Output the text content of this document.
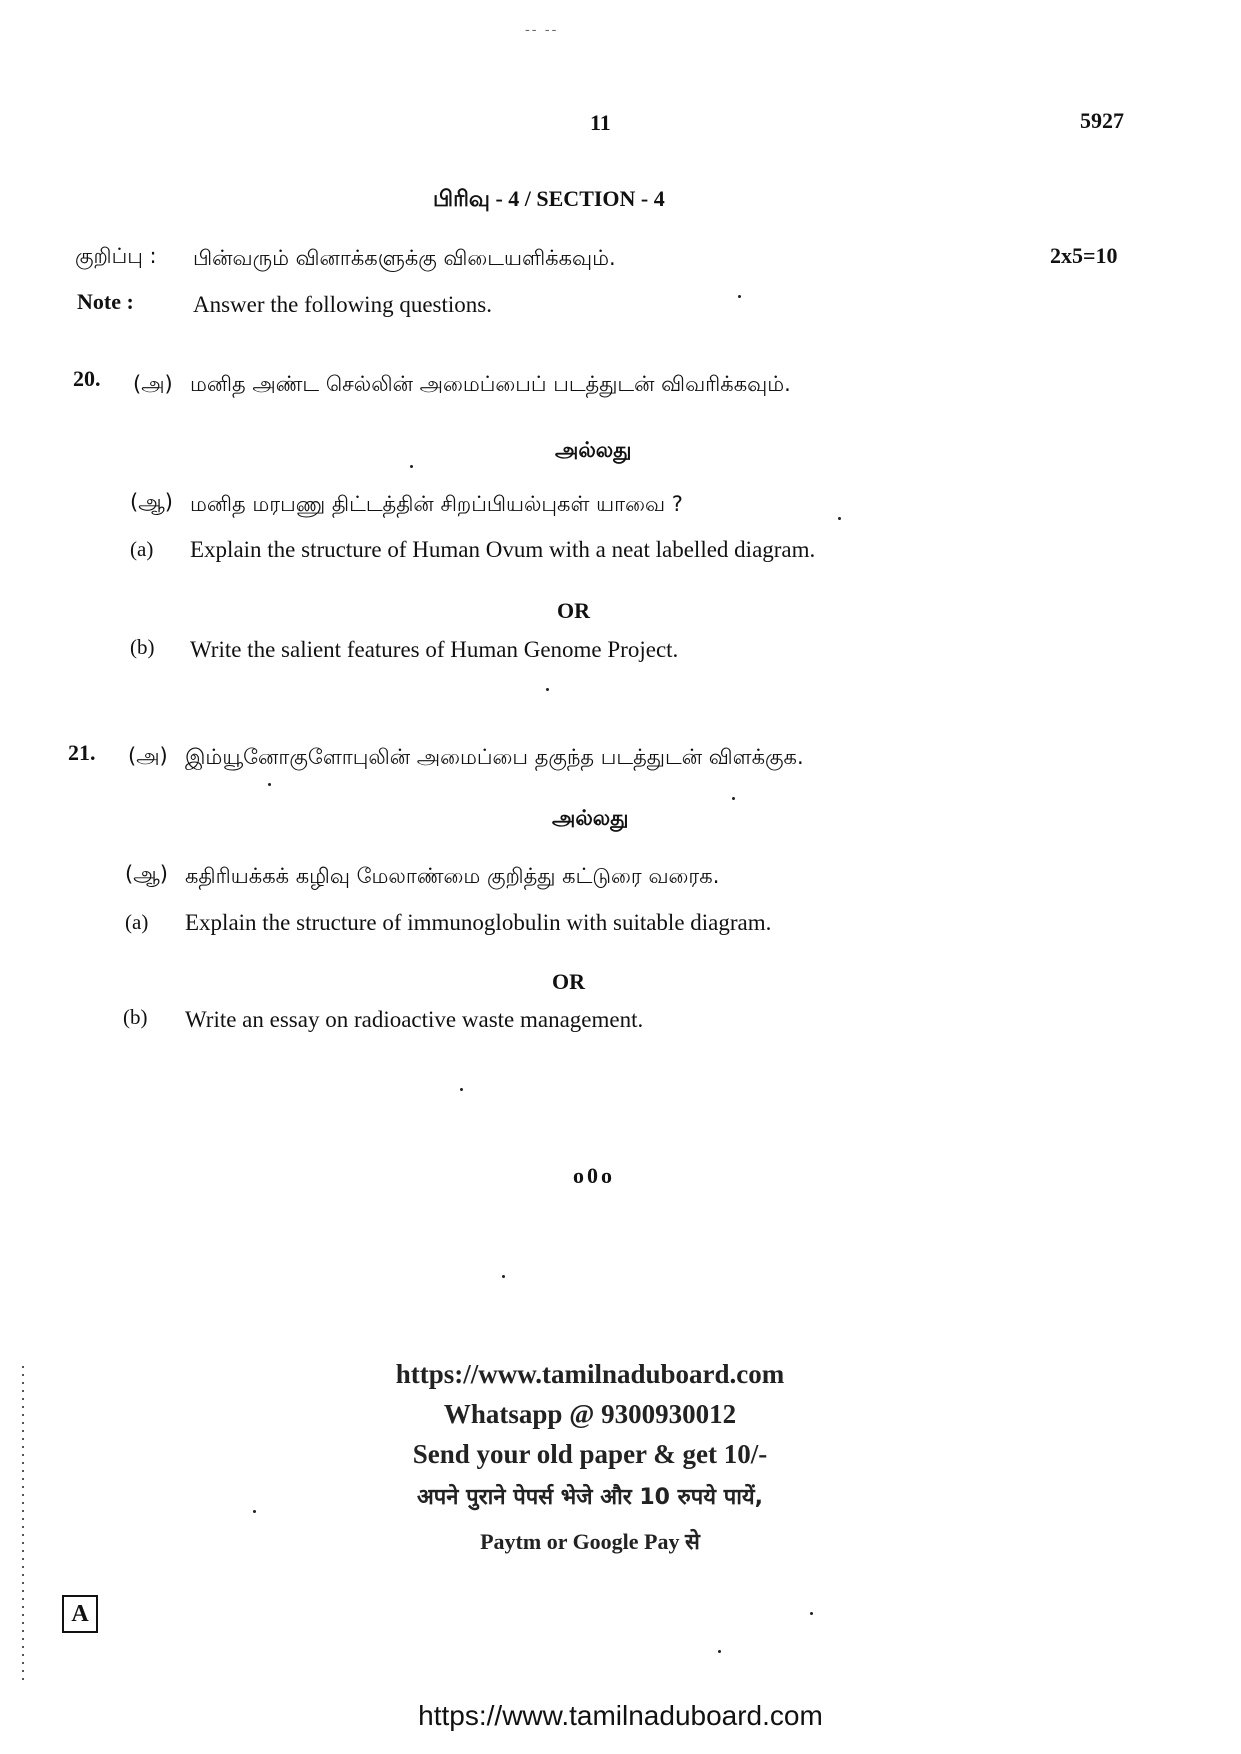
-- --
11	5927
பிரிவு - 4 / SECTION - 4
குறிப்பு : பின்வரும் வினாக்களுக்கு விடையளிக்கவும்.	2x5=10
Note :	Answer the following questions.
20. (அ) மனித அண்ட செல்லின் அமைப்பைப் படத்துடன் விவரிக்கவும்.
அல்லது
(ஆ) மனித மரபணு திட்டத்தின் சிறப்பியல்புகள் யாவை ?
(a) Explain the structure of Human Ovum with a neat labelled diagram.
OR
(b) Write the salient features of Human Genome Project.
21. (அ) இம்யூனோகுளோபுலின் அமைப்பை தகுந்த படத்துடன் விளக்குக.
அல்லது
(ஆ) கதிரியக்கக் கழிவு மேலாண்மை குறித்து கட்டுரை வரைக.
(a) Explain the structure of immunoglobulin with suitable diagram.
OR
(b) Write an essay on radioactive waste management.
o0o
https://www.tamilnaduboard.com
Whatsapp @ 9300930012
Send your old paper & get 10/-
अपने पुराने पेपर्स भेजे और 10 रुपये पायें,
Paytm or Google Pay से
A
https://www.tamilnaduboard.com
